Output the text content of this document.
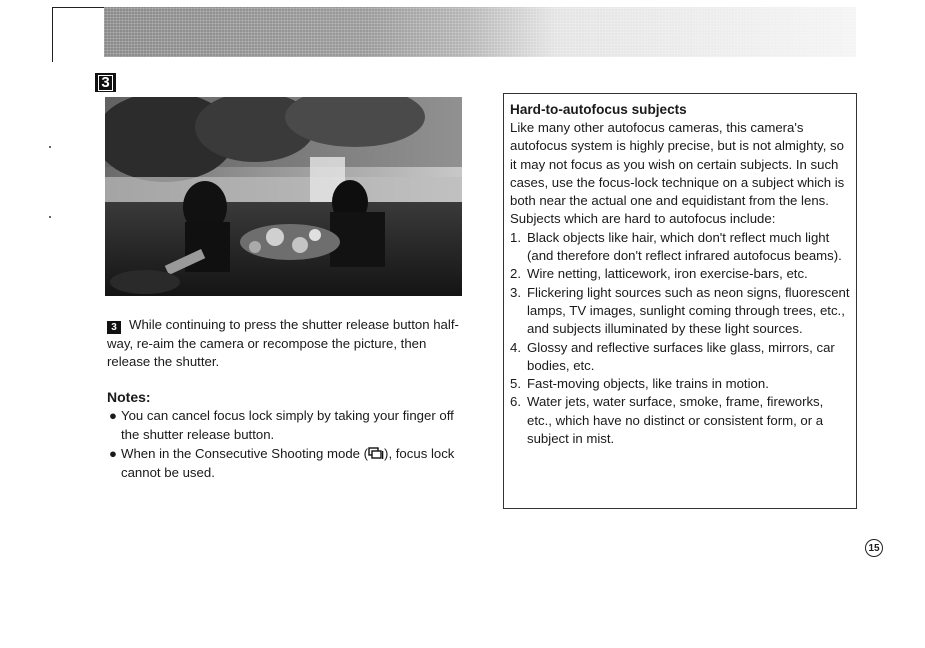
3
3 While continuing to press the shutter release button half-way, re-aim the camera or recompose the picture, then release the shutter.
Notes:
● You can cancel focus lock simply by taking your finger off the shutter release button.
● When in the Consecutive Shooting mode ( ), focus lock cannot be used.
Hard-to-autofocus subjects

Like many other autofocus cameras, this camera's autofocus system is highly precise, but is not almighty, so it may not focus as you wish on certain subjects. In such cases, use the focus-lock technique on a subject which is both near the actual one and equidistant from the lens.

Subjects which are hard to autofocus include:

1. Black objects like hair, which don't reflect much light (and therefore don't reflect infrared autofocus beams).
2. Wire netting, latticework, iron exercise-bars, etc.
3. Flickering light sources such as neon signs, fluorescent lamps, TV images, sunlight coming through trees, etc., and subjects illuminated by these light sources.
4. Glossy and reflective surfaces like glass, mirrors, car bodies, etc.
5. Fast-moving objects, like trains in motion.
6. Water jets, water surface, smoke, frame, fireworks, etc., which have no distinct or consistent form, or a subject in mist.
15
